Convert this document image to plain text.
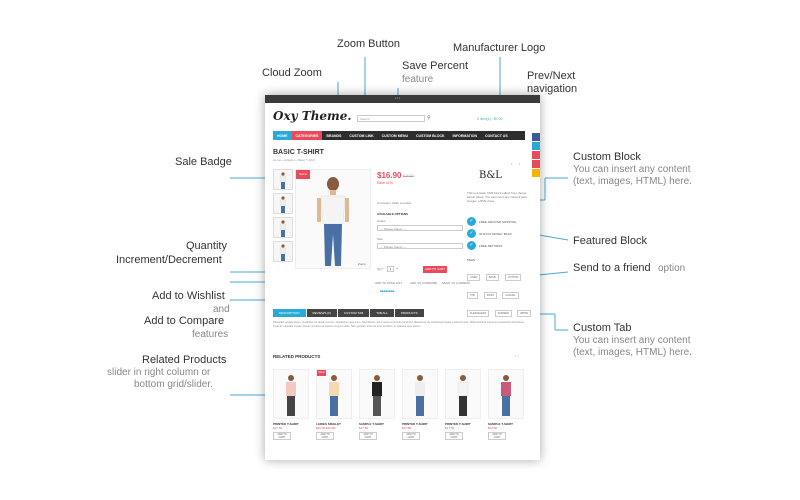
Zoom Button	Manufacturer Logo
Cloud Zoom
Save Percent
feature	Prev/Next
navigation
Sale Badge	Custom Block
You can insert any content
(text, images, HTML) here.
Featured Block
Quantity
Increment/Decrement
Send to a friend option
Add to Wishlist
and
Add to Compare
features
Custom Tab
You can insert any content
(text, images, HTML) here.
Related Products
slider in right column or
bottom grid/slider.
▪ ▪ ▪
Oxy Theme.	Search	⚲	0 item(s) - $0.00
HOME	CATEGORIES	BRANDS	CUSTOM LINK	CUSTOM MENU	CUSTOM BLOCK	INFORMATION	CONTACT US
BASIC T-SHIRT
Home » Apparel » Basic T-Shirt
SALE
Zoom
$16.90 $28.50
Save 41%
0 reviews | Write a review
AVAILABLE OPTIONS
Colour
--- Please Select ---
Size
--- Please Select ---
Qty	1	+
−	ADD TO CART
ADD TO WISH LIST	ADD TO COMPARE SEND TO A FRIEND
■■■■■■■■
B&L
‹ ›
This is a static CMS block edited from theme admin panel. You can insert any content (text, images, HTML) here.
✓	FREE GROUND SHIPPING
✓	30 DAYS MONEY BACK
✓	FREE RETURNS
TAGS
LINEN	BASIC	COTTON TOP	SHIRT	CASUAL SLEEVELESS	SUMMER	WHITE
DESCRIPTION	REVIEWS (0)	CUSTOM TAB	TAB ALL	PRODUCTS
Phasellus gravida lorem, vestibulum at dictum tempor. Vestibulum quis enim. Sed ultrices nisl in lacus commodo hendrerit. Maecenas vel scelerisque ligula, a lobortis ante. Nulla tincidunt metus at consectetur fermentum. Proin at vulputate massa. Donec vel lacus at mauris congue mattis. Nam porttitor tortor ac eros tincidunt, et pharetra arcu dictum.
RELATED PRODUCTS	‹ ›
PRINTED T-SHIRT
$17.50
ADD TO CART
SALE
LADIES SINGLET
$22.90 $15.90
ADD TO CART
SAMPLE T-SHIRT
$17.50
ADD TO CART
PRINTED T-SHIRT
$17.50
ADD TO CART
PRINTED T-SHIRT
$17.50
ADD TO CART
SAMPLE T-SHIRT
$17.50
ADD TO CART
